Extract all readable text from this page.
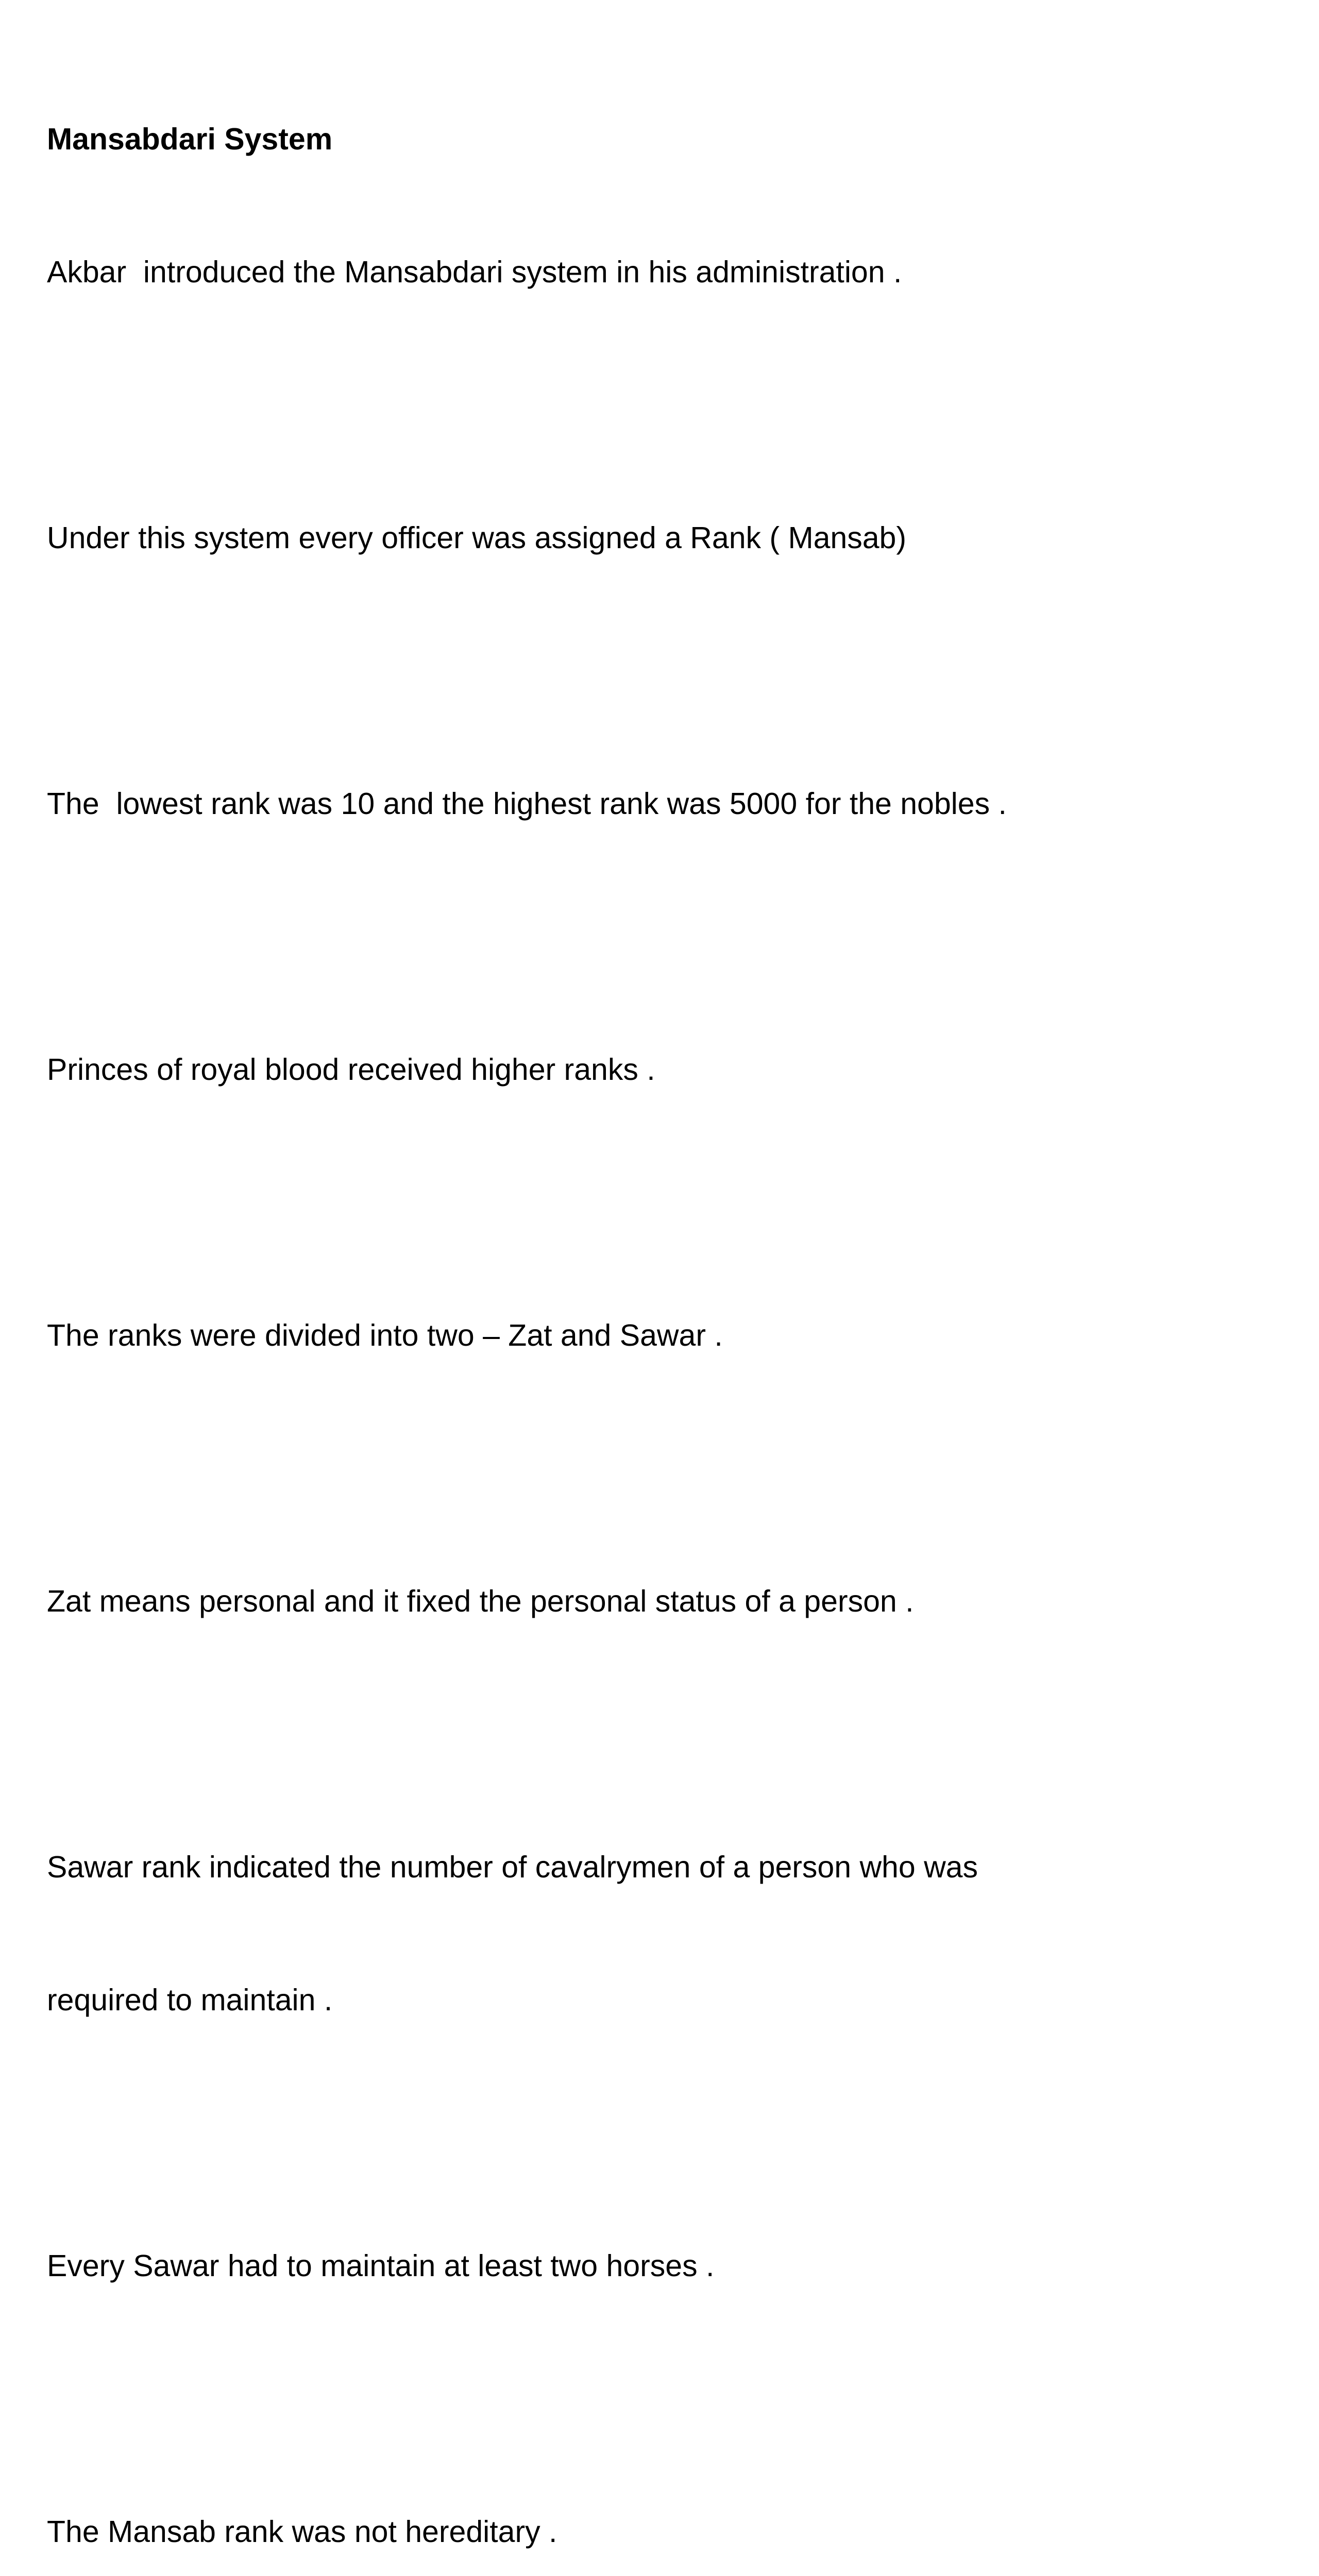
Mansabdari System

Akbar  introduced the Mansabdari system in his administration .

Under this system every officer was assigned a Rank ( Mansab)

The  lowest rank was 10 and the highest rank was 5000 for the nobles .

Princes of royal blood received higher ranks .

The ranks were divided into two – Zat and Sawar .

Zat means personal and it fixed the personal status of a person .

Sawar rank indicated the number of cavalrymen of a person who was

required to maintain .

Every Sawar had to maintain at least two horses .

The Mansab rank was not hereditary .
